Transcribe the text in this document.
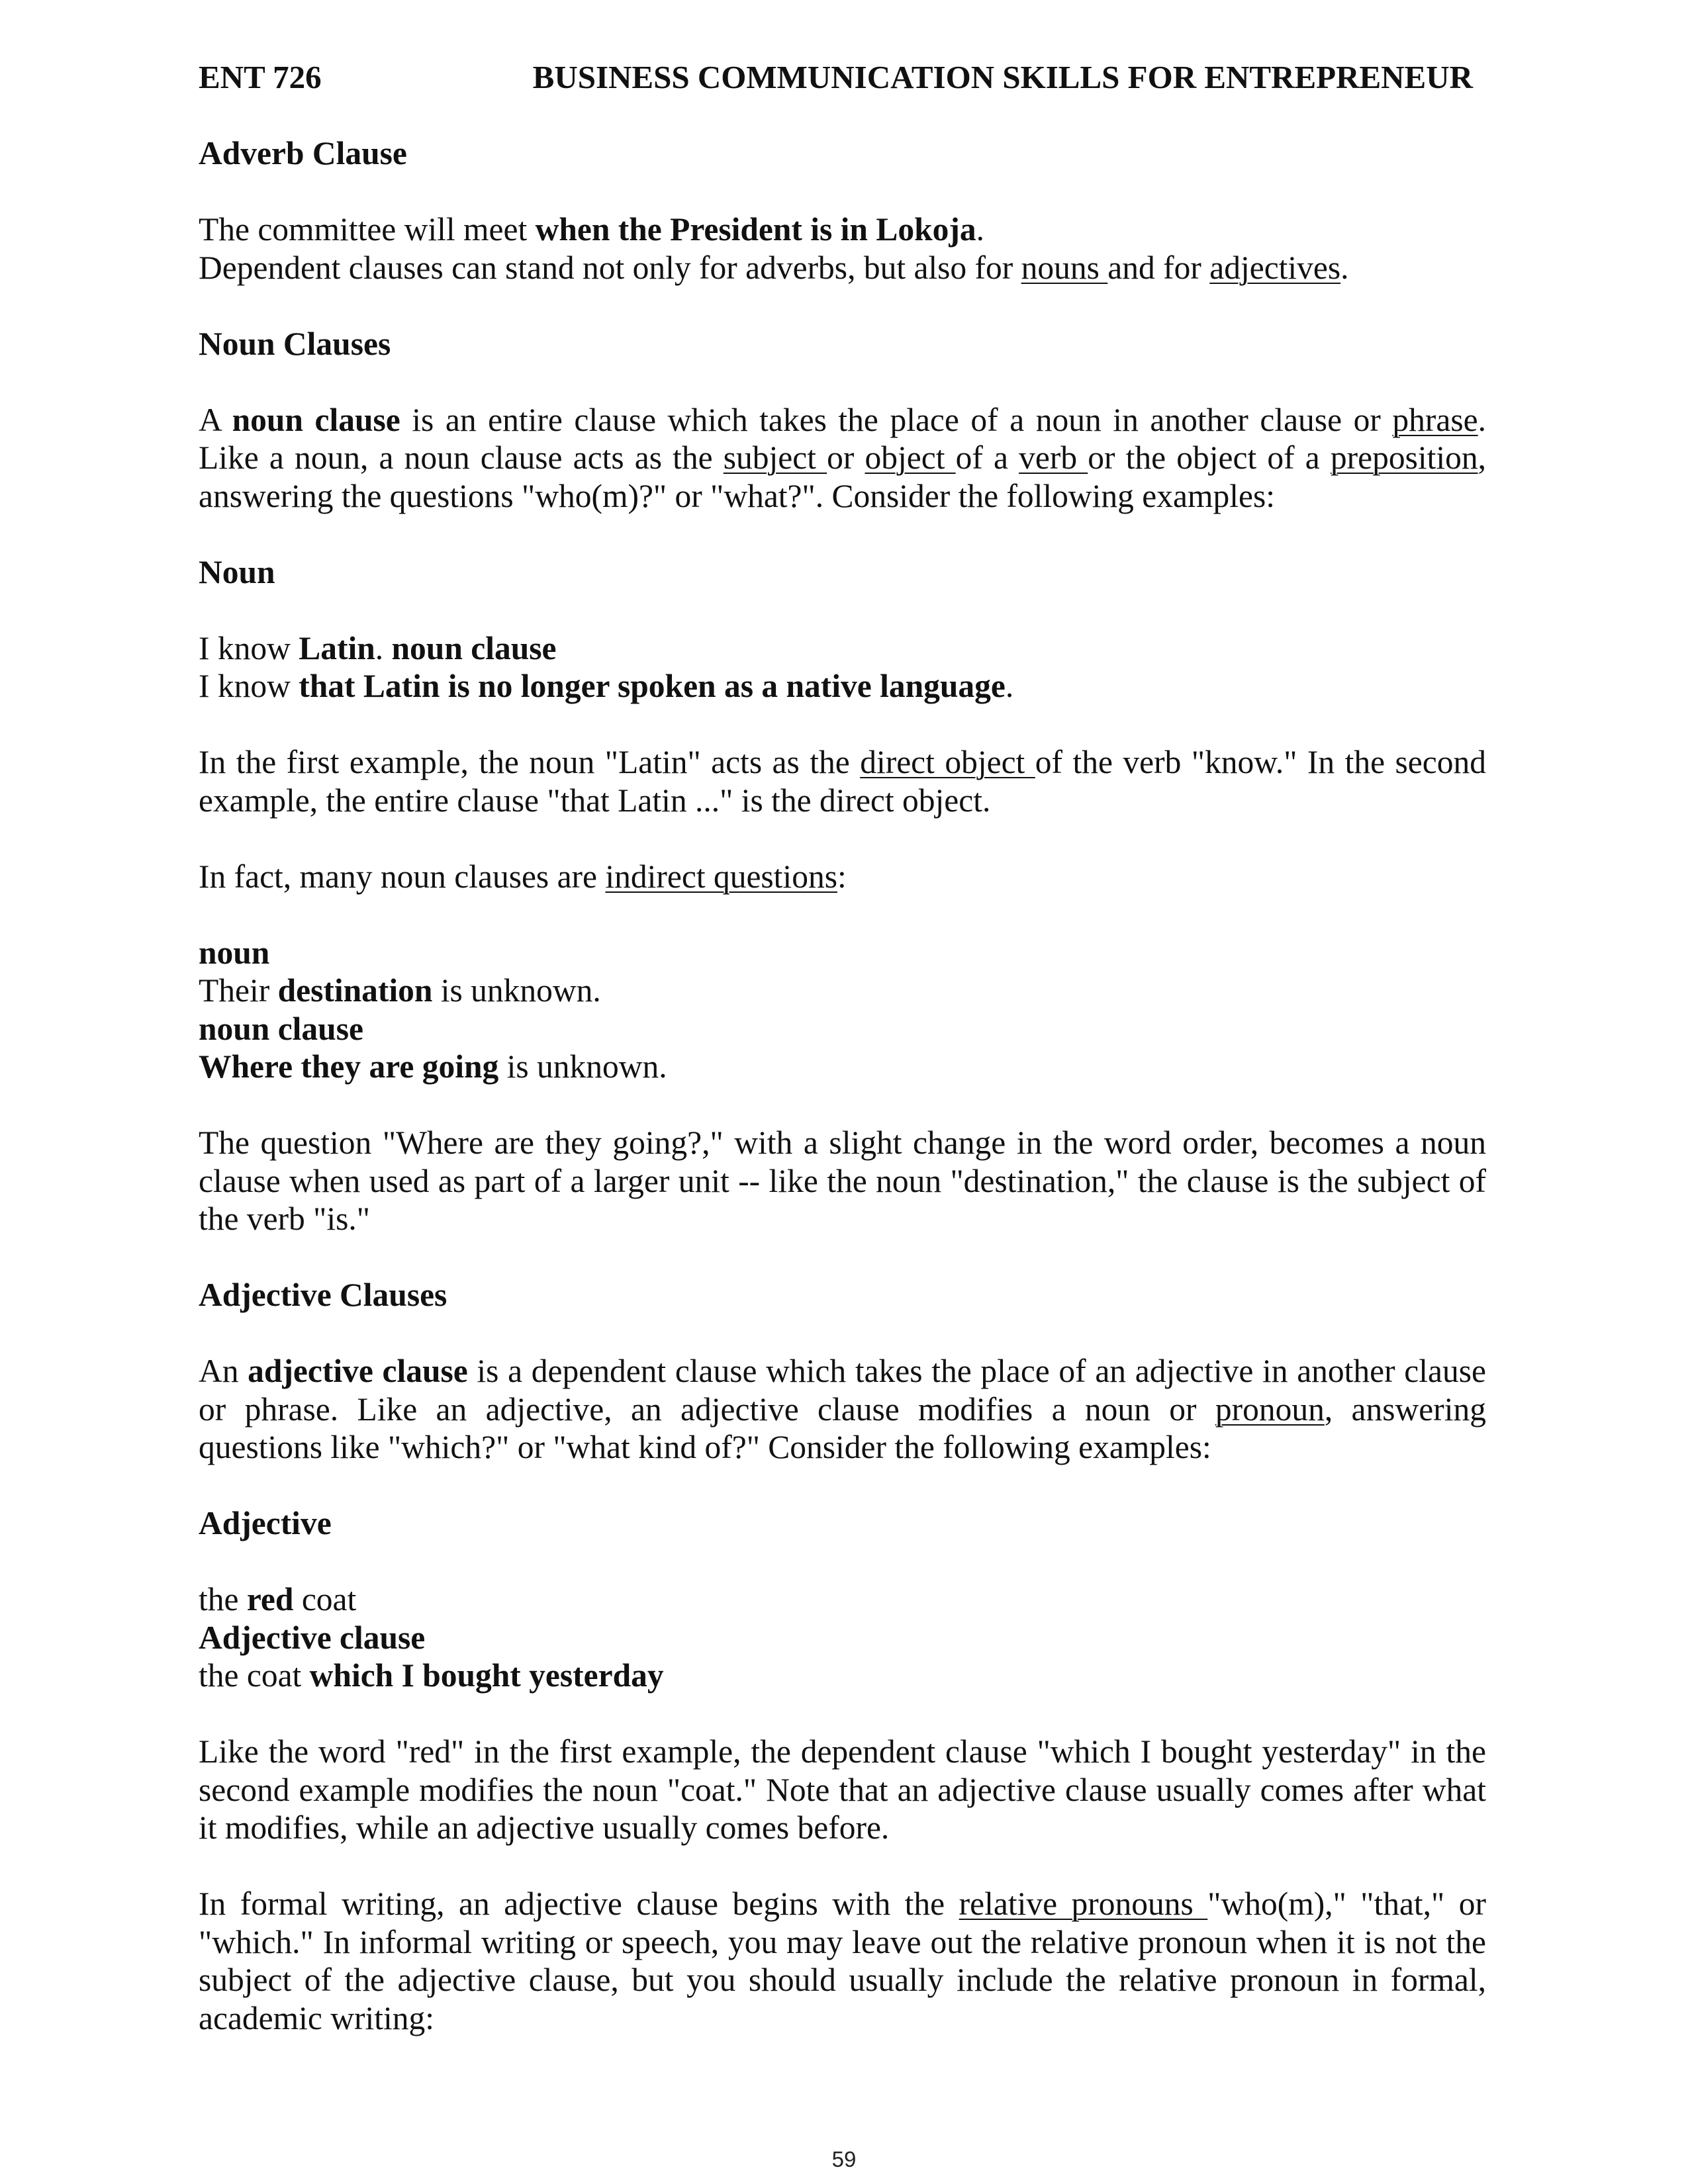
ENT 726	BUSINESS COMMUNICATION SKILLS FOR ENTREPRENEUR

Adverb Clause

The committee will meet when the President is in Lokoja.

Dependent clauses can stand not only for adverbs, but also for nouns and for adjectives.

Noun Clauses

A noun clause is an entire clause which takes the place of a noun in another clause or phrase.

Like a noun, a noun clause acts as the subject or object of a verb or the object of a preposition,

answering the questions "who(m)?" or "what?". Consider the following examples:

Noun

I know Latin. noun clause

I know that Latin is no longer spoken as a native language.

In the first example, the noun "Latin" acts as the direct object of the verb "know." In the second

example, the entire clause "that Latin ..." is the direct object.

In fact, many noun clauses are indirect questions:

noun

Their destination is unknown.

noun clause

Where they are going is unknown.

The question "Where are they going?," with a slight change in the word order, becomes a noun

clause when used as part of a larger unit -- like the noun "destination," the clause is the subject of

the verb "is."

Adjective Clauses

An adjective clause is a dependent clause which takes the place of an adjective in another clause

or phrase. Like an adjective, an adjective clause modifies a noun or pronoun, answering

questions like "which?" or "what kind of?" Consider the following examples:

Adjective

the red coat

Adjective clause

the coat which I bought yesterday

Like the word "red" in the first example, the dependent clause "which I bought yesterday" in the

second example modifies the noun "coat." Note that an adjective clause usually comes after what

it modifies, while an adjective usually comes before.

In formal writing, an adjective clause begins with the relative pronouns "who(m)," "that," or

"which." In informal writing or speech, you may leave out the relative pronoun when it is not the

subject of the adjective clause, but you should usually include the relative pronoun in formal,

academic writing:

59
